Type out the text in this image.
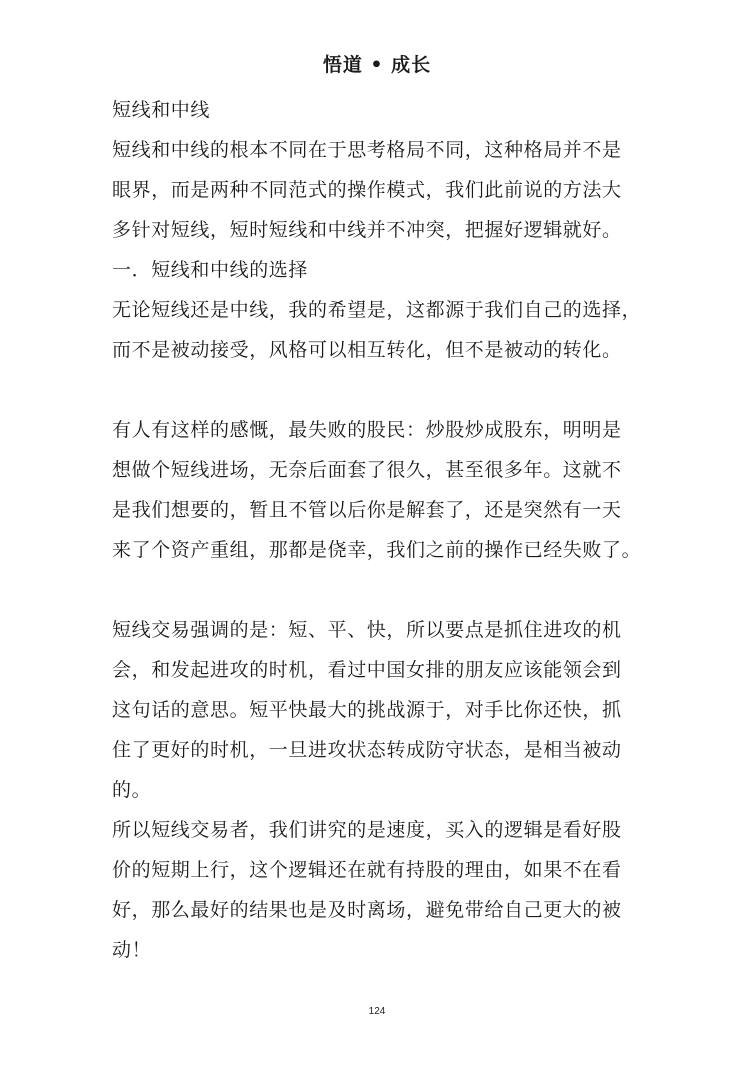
悟道 • 成长
短线和中线
短线和中线的根本不同在于思考格局不同，这种格局并不是
眼界，而是两种不同范式的操作模式，我们此前说的方法大
多针对短线，短时短线和中线并不冲突，把握好逻辑就好。
一．短线和中线的选择
无论短线还是中线，我的希望是，这都源于我们自己的选择，
而不是被动接受，风格可以相互转化，但不是被动的转化。
有人有这样的感慨，最失败的股民：炒股炒成股东，明明是
想做个短线进场，无奈后面套了很久，甚至很多年。这就不
是我们想要的，暂且不管以后你是解套了，还是突然有一天
来了个资产重组，那都是侥幸，我们之前的操作已经失败了。
短线交易强调的是：短、平、快，所以要点是抓住进攻的机
会，和发起进攻的时机，看过中国女排的朋友应该能领会到
这句话的意思。短平快最大的挑战源于，对手比你还快，抓
住了更好的时机，一旦进攻状态转成防守状态，是相当被动
的。
所以短线交易者，我们讲究的是速度，买入的逻辑是看好股
价的短期上行，这个逻辑还在就有持股的理由，如果不在看
好，那么最好的结果也是及时离场，避免带给自己更大的被
动！
124
